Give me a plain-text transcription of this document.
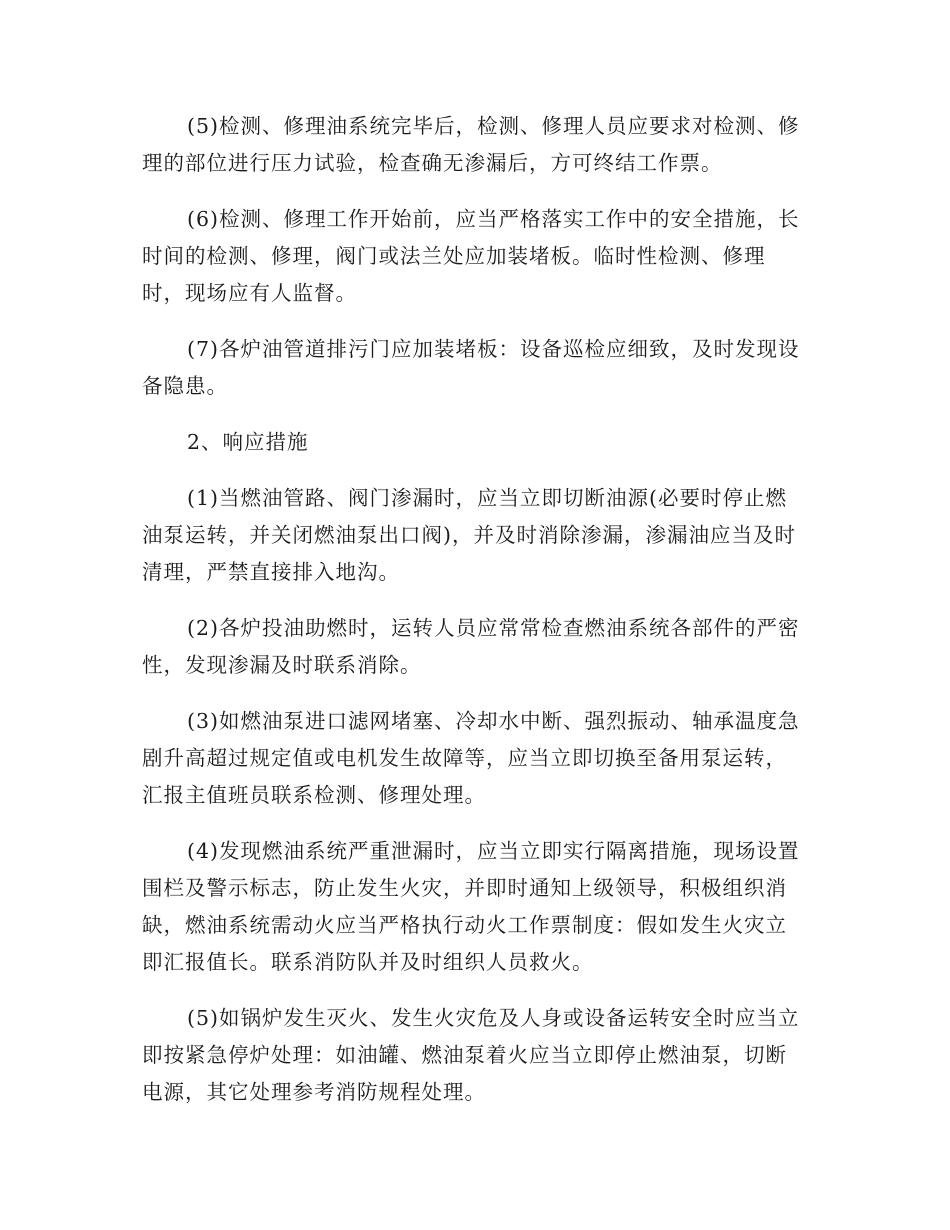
(5)检测、修理油系统完毕后，检测、修理人员应要求对检测、修
理的部位进行压力试验，检查确无渗漏后，方可终结工作票。

(6)检测、修理工作开始前，应当严格落实工作中的安全措施，长
时间的检测、修理，阀门或法兰处应加装堵板。临时性检测、修理
时，现场应有人监督。

(7)各炉油管道排污门应加装堵板：设备巡检应细致，及时发现设
备隐患。

2、响应措施

(1)当燃油管路、阀门渗漏时，应当立即切断油源(必要时停止燃
油泵运转，并关闭燃油泵出口阀)，并及时消除渗漏，渗漏油应当及时
清理，严禁直接排入地沟。

(2)各炉投油助燃时，运转人员应常常检查燃油系统各部件的严密
性，发现渗漏及时联系消除。

(3)如燃油泵进口滤网堵塞、冷却水中断、强烈振动、轴承温度急
剧升高超过规定值或电机发生故障等，应当立即切换至备用泵运转，
汇报主值班员联系检测、修理处理。

(4)发现燃油系统严重泄漏时，应当立即实行隔离措施，现场设置
围栏及警示标志，防止发生火灾，并即时通知上级领导，积极组织消
缺，燃油系统需动火应当严格执行动火工作票制度：假如发生火灾立
即汇报值长。联系消防队并及时组织人员救火。

(5)如锅炉发生灭火、发生火灾危及人身或设备运转安全时应当立
即按紧急停炉处理：如油罐、燃油泵着火应当立即停止燃油泵，切断
电源，其它处理参考消防规程处理。
